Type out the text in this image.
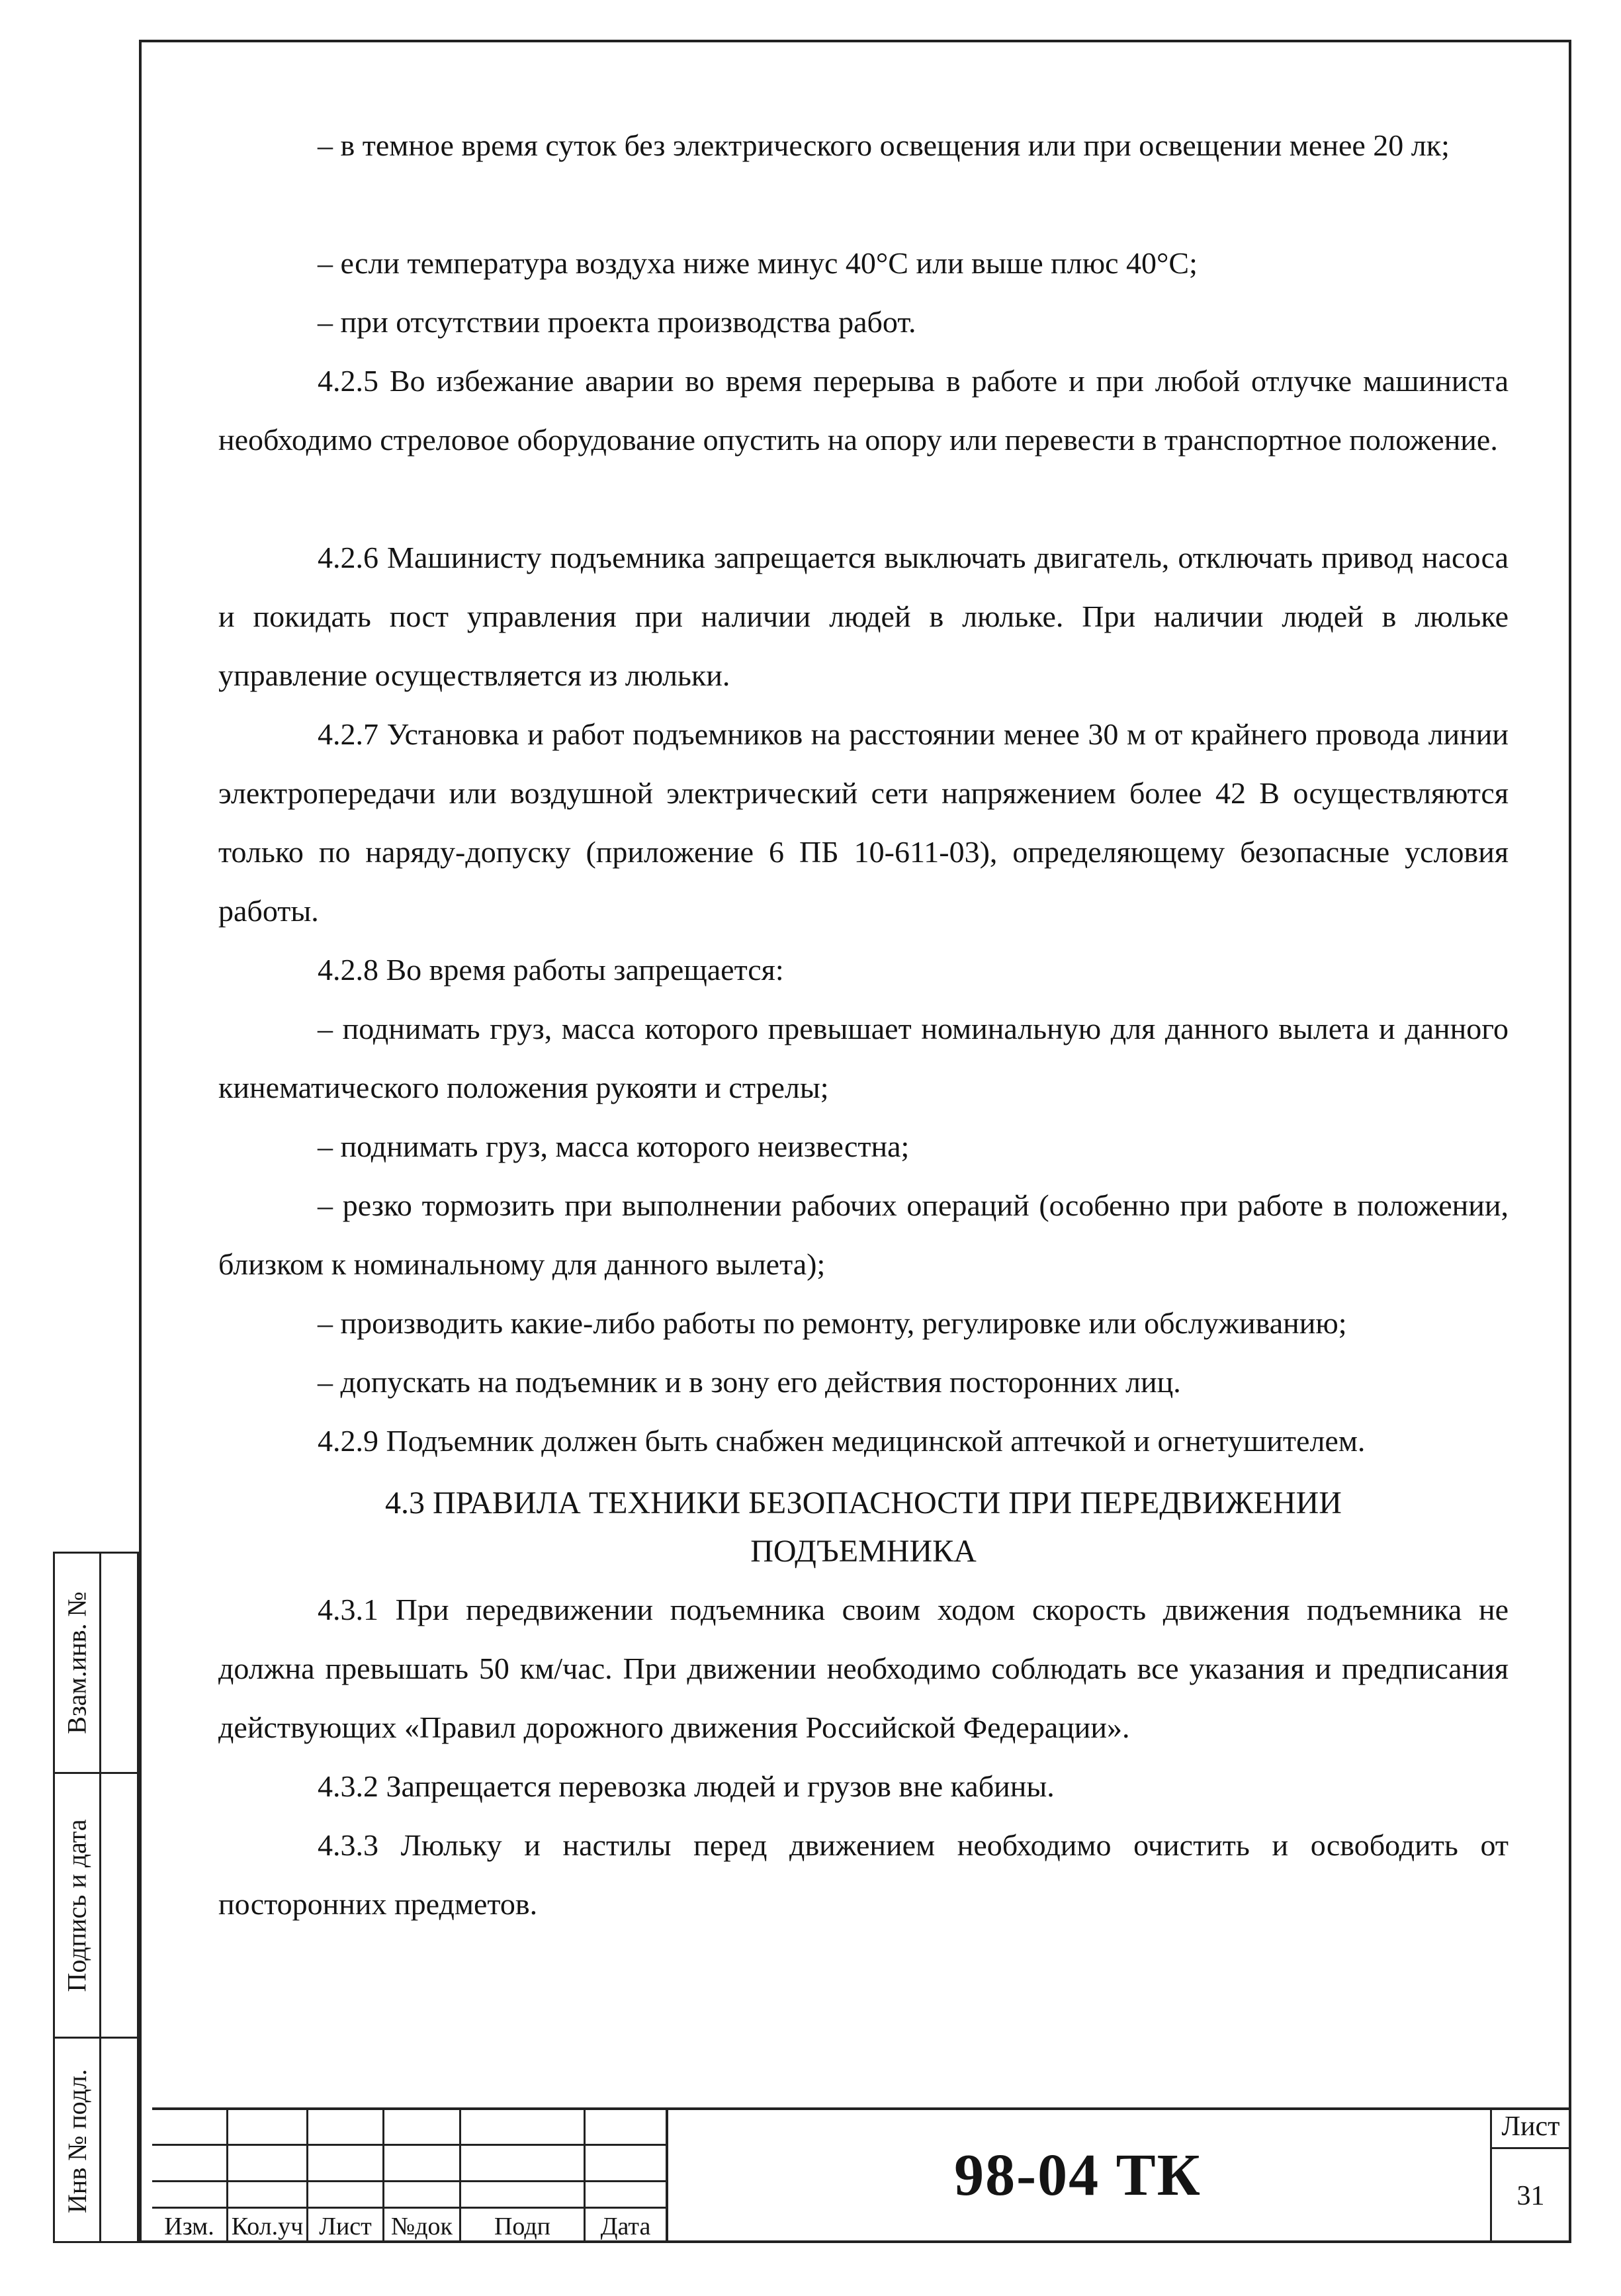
– в темное время суток без электрического освещения или при освещении менее 20 лк;

– если температура воздуха ниже минус 40°С или выше плюс 40°С;

– при отсутствии проекта производства работ.

4.2.5 Во избежание аварии во время перерыва в работе и при любой отлучке машиниста необходимо стреловое оборудование опустить на опору или перевести в транспортное положение.

4.2.6 Машинисту подъемника запрещается выключать двигатель, отключать привод насоса и покидать пост управления при наличии людей в люльке. При наличии людей в люльке управление осуществляется из люльки.

4.2.7 Установка и работ подъемников на расстоянии менее 30 м от крайнего провода линии электропередачи или воздушной электрический сети напряжением более 42 В осуществляются только по наряду-допуску (приложение 6 ПБ 10-611-03), определяющему безопасные условия работы.

4.2.8 Во время работы запрещается:

– поднимать груз, масса которого превышает номинальную для данного вылета и данного кинематического положения рукояти и стрелы;

– поднимать груз, масса которого неизвестна;

– резко тормозить при выполнении рабочих операций (особенно при работе в положении, близком к номинальному для данного вылета);

– производить какие-либо работы по ремонту, регулировке или обслуживанию;

– допускать на подъемник и в зону его действия посторонних лиц.

4.2.9 Подъемник должен быть снабжен медицинской аптечкой и огнетушителем.

4.3 ПРАВИЛА ТЕХНИКИ БЕЗОПАСНОСТИ ПРИ ПЕРЕДВИЖЕНИИ

ПОДЪЕМНИКА

4.3.1 При передвижении подъемника своим ходом скорость движения подъемника не должна превышать 50 км/час. При движении необходимо соблюдать все указания и предписания действующих «Правил дорожного движения Российской Федерации».

4.3.2 Запрещается перевозка людей и грузов вне кабины.

4.3.3 Люльку и настилы перед движением необходимо очистить и освободить от посторонних предметов.

Взам.инв. №
Подпись и дата
Инв № подл.
Изм. Кол.уч Лист №док	Подп	Дата
98-04 ТК
Лист
31
